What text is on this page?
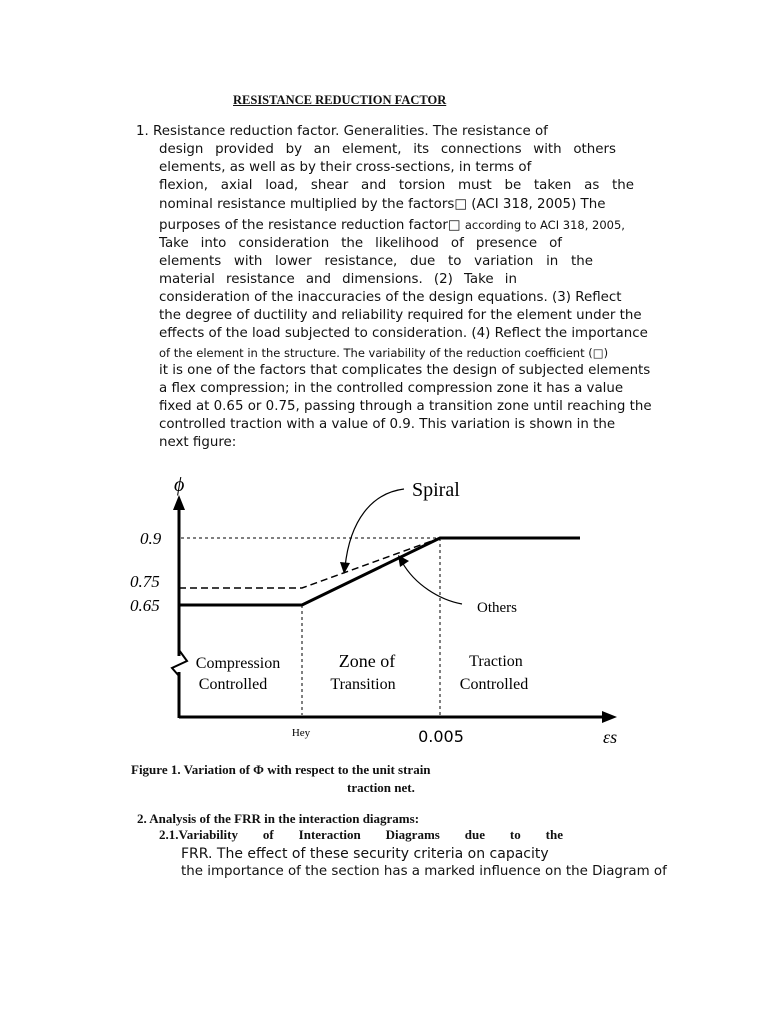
RESISTANCE REDUCTION FACTOR
1. Resistance reduction factor. Generalities. The resistance of
design provided by an element, its connections with others
elements, as well as by their cross-sections, in terms of
flexion, axial load, shear and torsion must be taken as the
nominal resistance multiplied by the factors□ (ACI 318, 2005) The
purposes of the resistance reduction factor□ according to ACI 318, 2005,
Take into consideration the likelihood of presence of
elements with lower resistance, due to variation in the
material resistance and dimensions. (2) Take in
consideration of the inaccuracies of the design equations. (3) Reflect
the degree of ductility and reliability required for the element under the
effects of the load subjected to consideration. (4) Reflect the importance
of the element in the structure. The variability of the reduction coefficient (□)
it is one of the factors that complicates the design of subjected elements
a flex compression; in the controlled compression zone it has a value
fixed at 0.65 or 0.75, passing through a transition zone until reaching the
controlled traction with a value of 0.9. This variation is shown in the
next figure:
ϕ
0.9
0.75
0.65
Spiral
Others
Compression
Controlled
Zone of
Transition
Traction
Controlled
Hey	0.005	εs
Figure 1. Variation of Φ with respect to the unit strain
traction net.
2. Analysis of the FRR in the interaction diagrams:
2.1.Variability of Interaction Diagrams due to the
FRR. The effect of these security criteria on capacity
the importance of the section has a marked influence on the Diagram of
